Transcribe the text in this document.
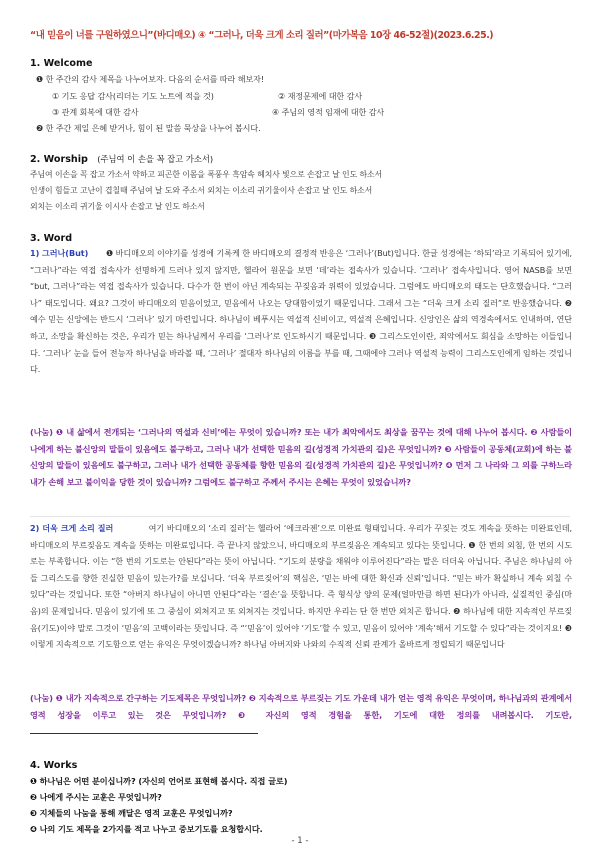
“내 믿음이 너를 구원하였으니”(바디매오) ④ “그러나, 더욱 크게 소리 질러”(마가복음 10장 46-52절)(2023.6.25.)
1. Welcome
❶ 한 주간의 감사 제목을 나누어보자. 다음의 순서를 따라 해보자!
① 기도 응답 감사(리더는 기도 노트에 적을 것)	② 재정문제에 대한 감사
③ 관계 회복에 대한 감사	④ 주님의 영적 임재에 대한 감사
❷ 한 주간 제일 은혜 받거나, 힘이 된 말씀 묵상을 나누어 봅시다.
2. Worship (주님여 이 손을 꼭 잡고 가소서)
주님여 이손을 꼭 잡고 가소서 약하고 피곤한 이몸을 폭풍우 흑암속 헤치사 빛으로 손잡고 날 인도 하소서
인생이 힘들고 고난이 겹칠때 주님여 날 도와 주소서 외치는 이소리 귀기울이사 손잡고 날 인도 하소서
외치는 이소리 귀기울 이시사 손잡고 날 인도 하소서
3. Word
1) 그러나(But) ❶ 바디매오의 이야기를 성경에 기록케 한 바디매오의 결정적 반응은 ‘그러나’(But)입니다. 한글 성경에는 ‘하되’라고 기록되어 있기에, “그러나”라는 역접 접속사가 선명하게 드러나 있지 않지만, 헬라어 원문을 보면 ‘데’라는 접속사가 있습니다. ‘그러나’ 접속사입니다. 영어 NASB를 보면 “but, 그러나”라는 역접 접속사가 있습니다. 다수가 한 번이 아닌 계속되는 꾸짖음과 위력이 있었습니다. 그럼에도 바디매오의 태도는 단호했습니다. “그러나” 태도입니다. 왜요? 그것이 바디매오의 믿음이었고, 믿음에서 나오는 당대함이었기 때문입니다. 그래서 그는 “더욱 크게 소리 질러”로 반응했습니다. ❷ 예수 믿는 신앙에는 반드시 ‘그러나’ 있기 마련입니다. 하나님이 베푸시는 역설적 신비이고, 역설적 은혜입니다. 신앙인은 삶의 역경속에서도 인내하며, 연단하고, 소망을 확신하는 것은, 우리가 믿는 하나님께서 우리를 ‘그러나’로 인도하시기 때문입니다. ❸ 그리스도인이란, 죄악에서도 회심을 소망하는 이들입니다. ‘그러나’ 눈을 들어 전능자 하나님을 바라볼 때, ‘그러나’ 절대자 하나님의 이름을 부를 때, 그때에야 그러나 역설적 능력이 그리스도인에게 임하는 것입니다.
(나눔) ❶ 내 삶에서 전개되는 ‘그러나의 역설과 신비’에는 무엇이 있습니까? 또는 내가 최악에서도 최상을 꿈꾸는 것에 대해 나누어 봅시다. ❷ 사람들이 나에게 하는 불신앙의 말들이 있음에도 불구하고, 그러나 내가 선택한 믿음의 길(성경적 가치관의 길)은 무엇입니까? ❸ 사람들이 공동체(교회)에 하는 불신앙의 말들이 있음에도 불구하고, 그러나 내가 선택한 공동체를 향한 믿음의 길(성경적 가치관의 길)은 무엇입니까? ❹ 먼저 그 나라와 그 의를 구하느라 내가 손해 보고 불이익을 당한 것이 있습니까? 그럼에도 불구하고 주께서 주시는 은혜는 무엇이 있었습니까?
2) 더욱 크게 소리 질러	여기 바디매오의 ‘소리 질러’는 헬라어 ‘에크라젠’으로 미완료 형태입니다. 우리가 꾸짖는 것도 계속을 뜻하는 미완료인데, 바디매오의 부르짖음도 계속을 뜻하는 미완료입니다. 즉 끝나지 않았으니, 바디매오의 부르짖음은 계속되고 있다는 뜻입니다. ❶ 한 번의 외침, 한 번의 시도로는 부족합니다. 이는 “한 번의 기도로는 안된다”라는 뜻이 아닙니다. “기도의 분량을 채워야 이루어진다”라는 말은 더더욱 아닙니다. 주님은 하나님의 아들 그리스도를 향한 진실한 믿음이 있는가?를 보십니다. ‘더욱 부르짖어’의 핵심은, ‘믿는 바에 대한 확신과 신뢰’입니다. “믿는 바가 확실하니 계속 외칠 수 있다”라는 것입니다. 또한 “아버지 하나님이 아니면 안된다”라는 ‘결손’을 뜻합니다. 즉 형식상 양의 문제(얼마만큼 하면 된다)가 아니라, 실질적인 중심(마음)의 문제입니다. 믿음이 있기에 또 그 중심이 외쳐지고 또 외쳐지는 것입니다. 하지만 우리는 단 한 번만 외치곤 합니다. ❷ 하나님에 대한 지속적인 부르짖음(기도)이야 말로 그것이 ‘믿음’의 고백이라는 뜻입니다. 즉 “‘믿음’이 있어야 ‘기도’할 수 있고, 믿음이 있어야 ‘계속’해서 기도할 수 있다”라는 것이지요! ❸ 이렇게 지속적으로 기도함으로 얻는 유익은 무엇이겠습니까? 하나님 아버지와 나와의 수직적 신뢰 관계가 올바르게 정립되기 때문입니다
(나눔) ❶ 내가 지속적으로 간구하는 기도제목은 무엇입니까? ❷ 지속적으로 부르짖는 기도 가운데 내가 얻는 영적 유익은 무엇이며, 하나님과의 관계에서 영적 성장을 이루고 있는 것은 무엇입니까? ❸ 자신의 영적 경험을 통한, 기도에 대한 정의를 내려봅시다. 기도란,
4. Works
❶ 하나님은 어떤 분이십니까? (자신의 언어로 표현해 봅시다. 직접 글로)
❷ 나에게 주시는 교훈은 무엇입니까?
❸ 지체들의 나눔을 통해 깨달은 영적 교훈은 무엇입니까?
❹ 나의 기도 제목을 2가지를 적고 나누고 중보기도를 요청합시다.
- 1 -
